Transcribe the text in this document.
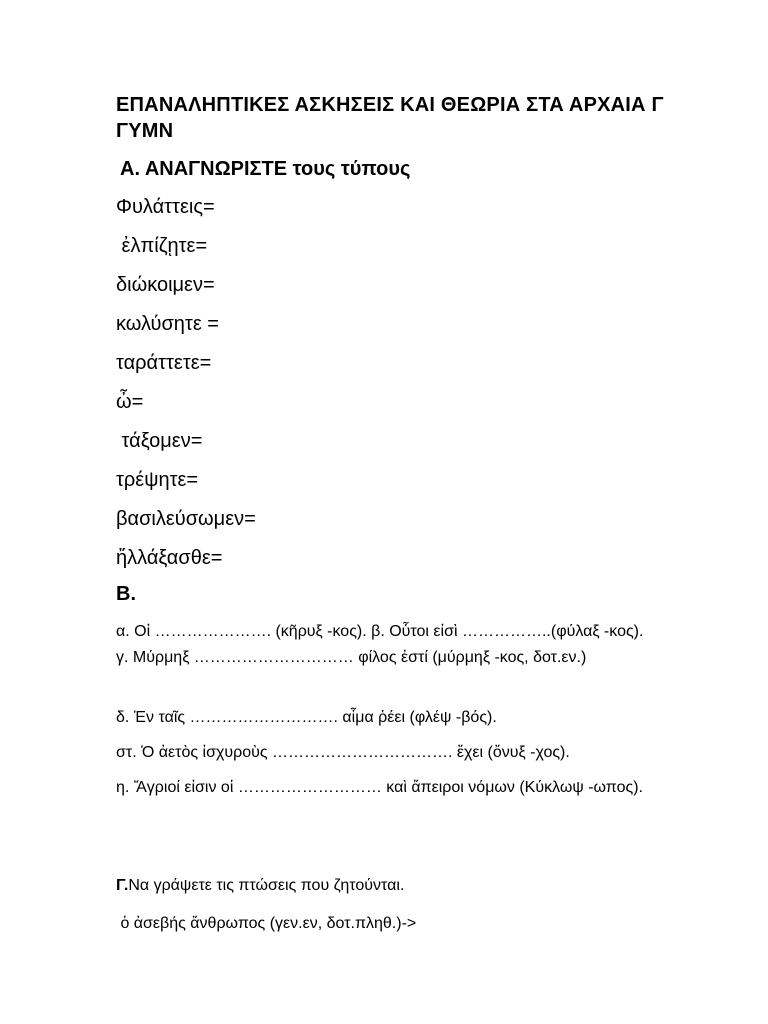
ΕΠΑΝΑΛΗΠΤΙΚΕΣ ΑΣΚΗΣΕΙΣ ΚΑΙ ΘΕΩΡΙΑ ΣΤΑ ΑΡΧΑΙΑ Γ ΓΥΜΝ
Α. ΑΝΑΓΝΩΡΙΣΤΕ τους τύπους
Φυλάττεις=
ἐλπίζῃτε=
διώκοιμεν=
κωλύσητε =
ταράττετε=
ὦ=
τάξομεν=
τρέψητε=
βασιλεύσωμεν=
ἤλλάξασθε=
Β.
α. Οἱ …………………. (κῆρυξ -κος). β. Οὗτοι εἰσὶ ……………..(φύλαξ -κος). γ. Μύρμηξ ………………………… φίλος ἐστί (μύρμηξ -κος, δοτ.εν.)
δ. Ἐν ταῖς ………………………. αἷμα ῥέει (φλέψ -βός).
στ. Ὁ ἀετὸς ἰσχυροὺς ……………………………. ἔχει (ὄνυξ -χος).
η. Ἄγριοί εἰσιν οἱ ……………………… καὶ ἄπειροι νόμων (Κύκλωψ -ωπος).
Γ.Να γράψετε τις πτώσεις που ζητούνται.
ὁ ἀσεβής ἄνθρωπος (γεν.εν, δοτ.πληθ.)->
